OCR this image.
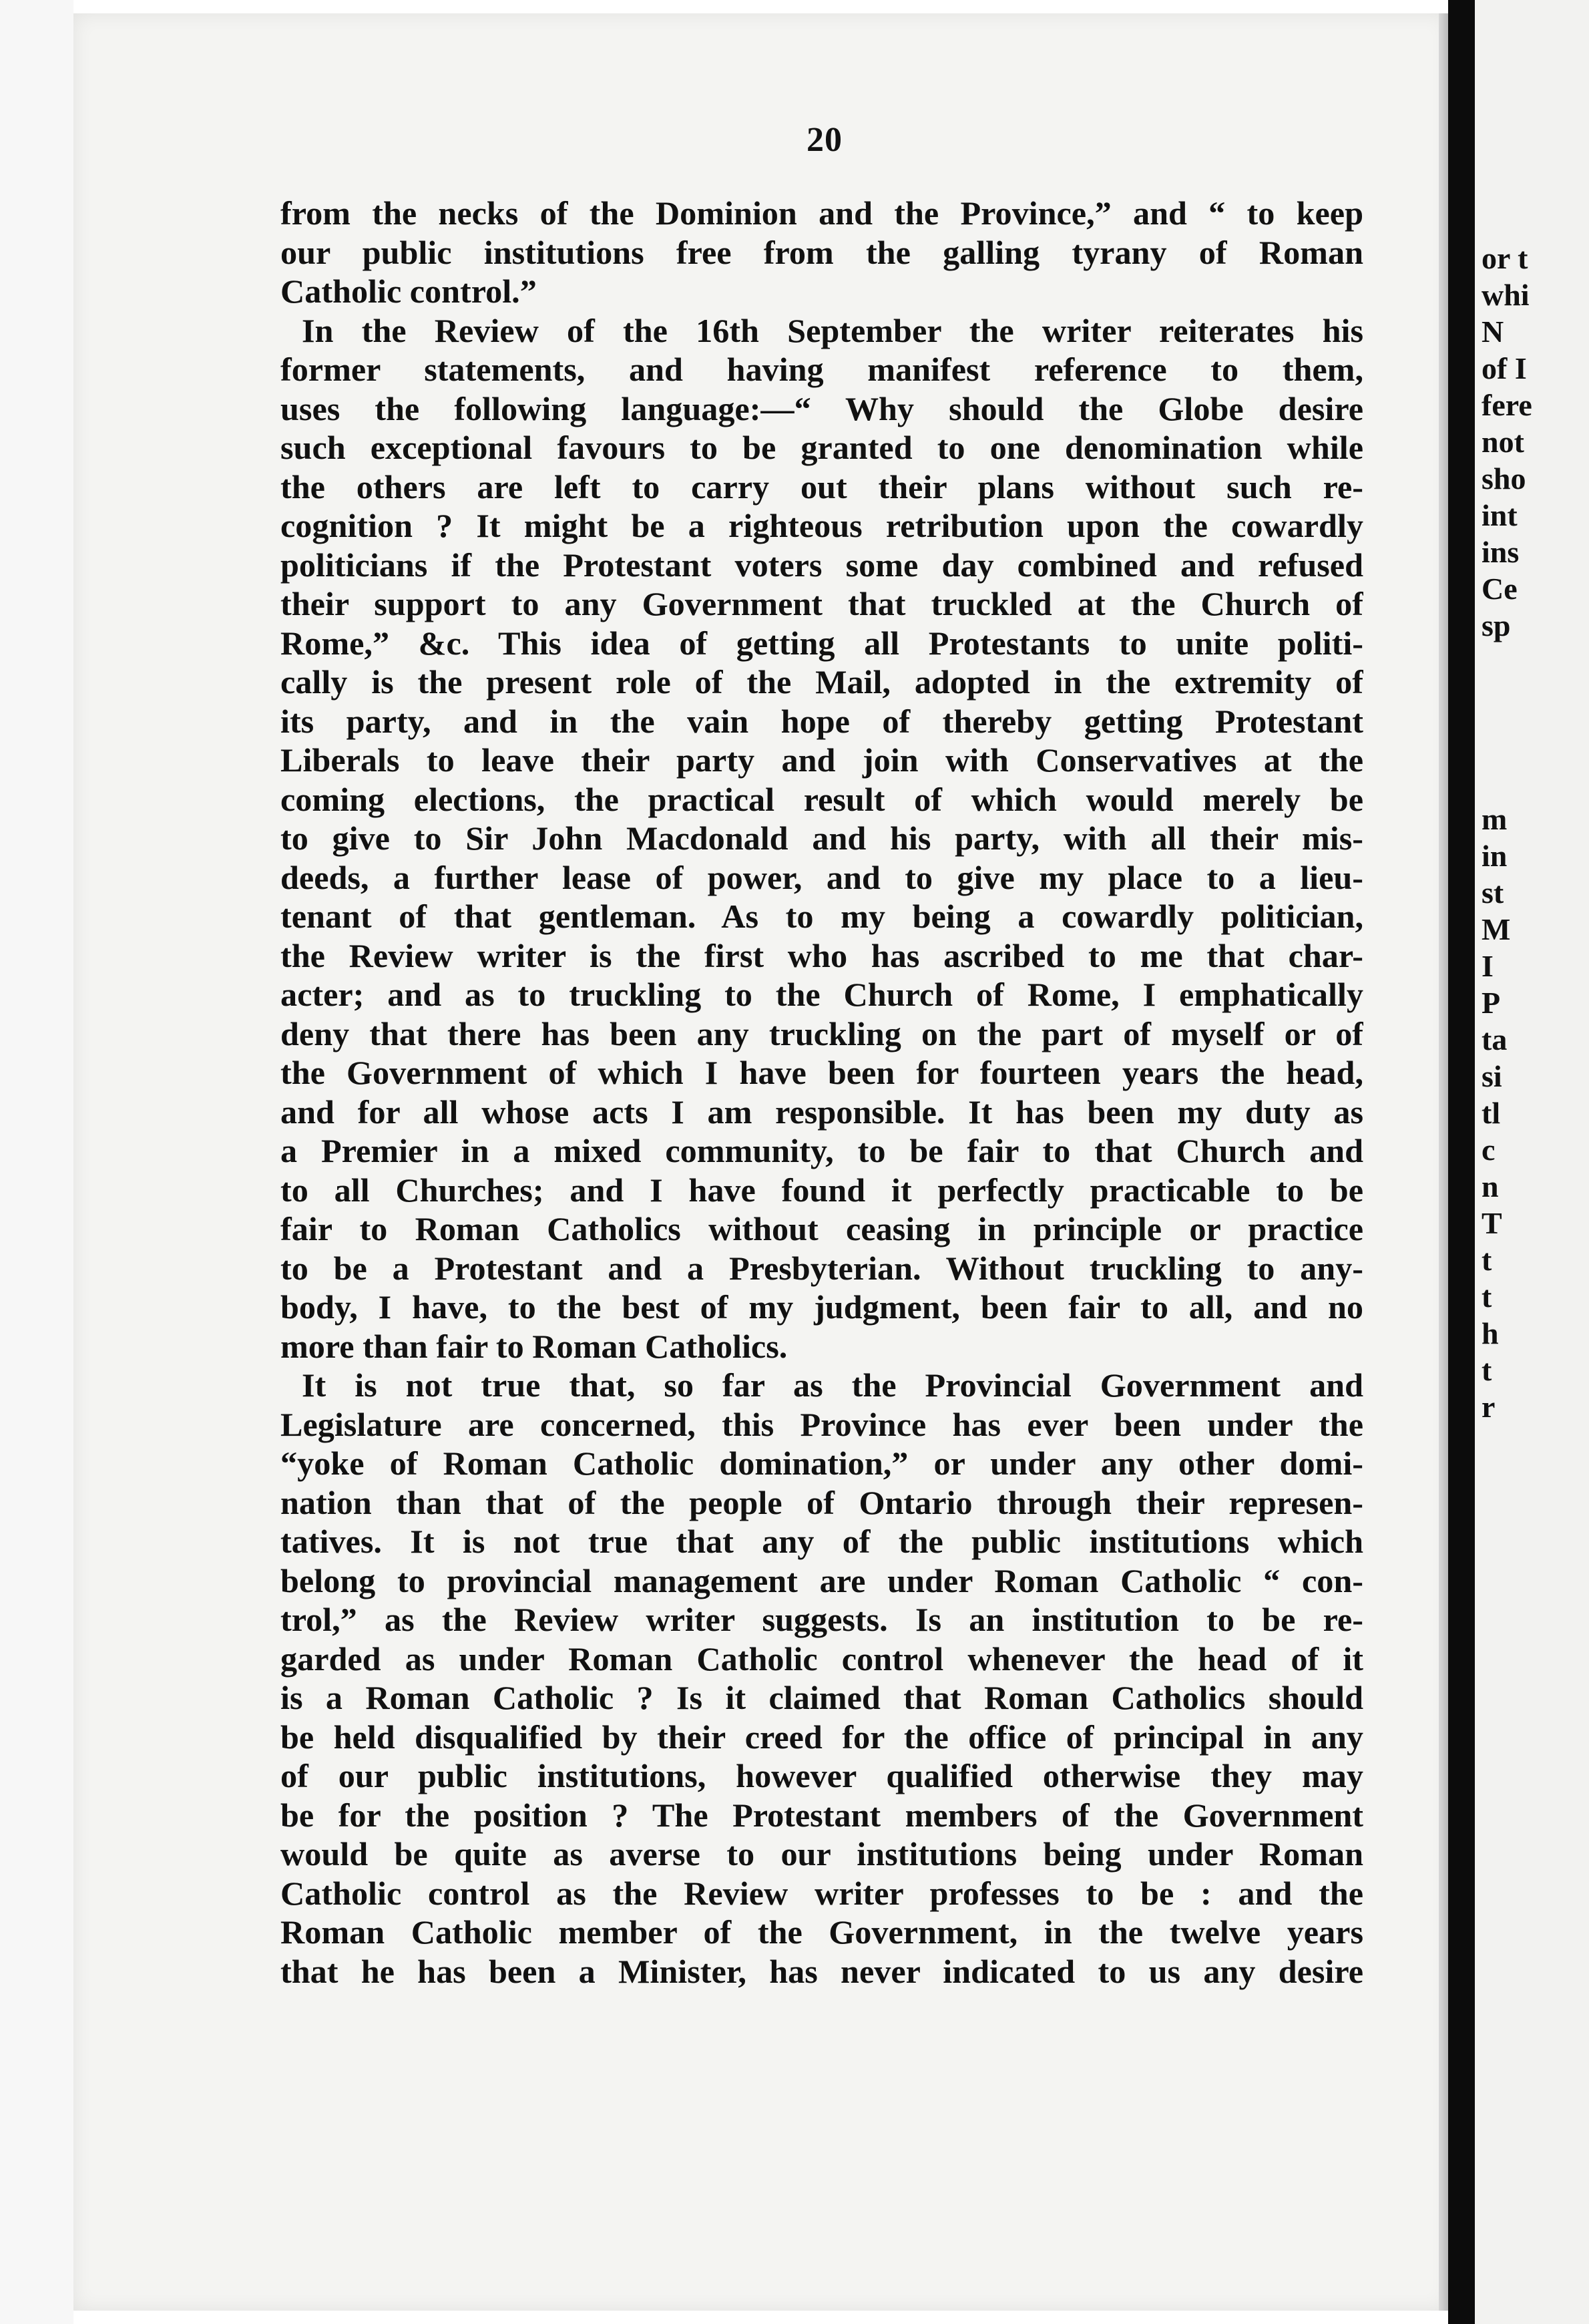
or t
whi
N
of I
fere
not
sho
int
ins
Ce
sp
m
in
st
M
I
P
ta
si
tl
c
n
T
t
t
h
t
r
20
from the necks of the Dominion and the Province,” and “ to keep
our public institutions free from the galling tyrany of Roman
Catholic control.”
In the Review of the 16th September the writer reiterates his
former statements, and having manifest reference to them,
uses the following language:—“ Why should the Globe desire
such exceptional favours to be granted to one denomination while
the others are left to carry out their plans without such re-
cognition ? It might be a righteous retribution upon the cowardly
politicians if the Protestant voters some day combined and refused
their support to any Government that truckled at the Church of
Rome,” &c. This idea of getting all Protestants to unite politi-
cally is the present role of the Mail, adopted in the extremity of
its party, and in the vain hope of thereby getting Protestant
Liberals to leave their party and join with Conservatives at the
coming elections, the practical result of which would merely be
to give to Sir John Macdonald and his party, with all their mis-
deeds, a further lease of power, and to give my place to a lieu-
tenant of that gentleman. As to my being a cowardly politician,
the Review writer is the first who has ascribed to me that char-
acter; and as to truckling to the Church of Rome, I emphatically
deny that there has been any truckling on the part of myself or of
the Government of which I have been for fourteen years the head,
and for all whose acts I am responsible. It has been my duty as
a Premier in a mixed community, to be fair to that Church and
to all Churches; and I have found it perfectly practicable to be
fair to Roman Catholics without ceasing in principle or practice
to be a Protestant and a Presbyterian. Without truckling to any-
body, I have, to the best of my judgment, been fair to all, and no
more than fair to Roman Catholics.
It is not true that, so far as the Provincial Government and
Legislature are concerned, this Province has ever been under the
“yoke of Roman Catholic domination,” or under any other domi-
nation than that of the people of Ontario through their represen-
tatives. It is not true that any of the public institutions which
belong to provincial management are under Roman Catholic “ con-
trol,” as the Review writer suggests. Is an institution to be re-
garded as under Roman Catholic control whenever the head of it
is a Roman Catholic ? Is it claimed that Roman Catholics should
be held disqualified by their creed for the office of principal in any
of our public institutions, however qualified otherwise they may
be for the position ? The Protestant members of the Government
would be quite as averse to our institutions being under Roman
Catholic control as the Review writer professes to be : and the
Roman Catholic member of the Government, in the twelve years
that he has been a Minister, has never indicated to us any desire
